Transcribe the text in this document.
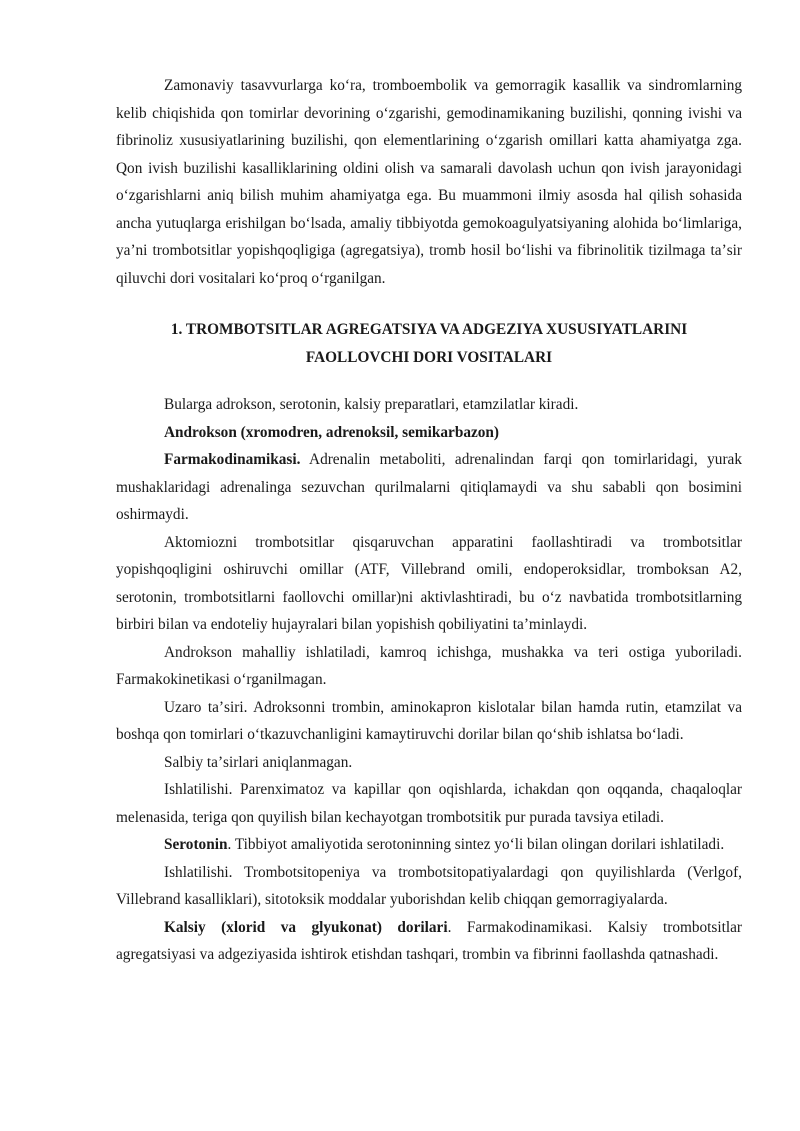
Zamonaviy tasavvurlarga koʻra, tromboembolik va gemorragik kasallik va sindromlarning kelib chiqishida qon tomirlar devorining oʻzgarishi, gemodinamikaning buzilishi, qonning ivishi va fibrinoliz xususiyatlarining buzilishi, qon elementlarining oʻzgarish omillari katta ahamiyatga zga. Qon ivish buzilishi kasalliklarining oldini olish va samarali davolash uchun qon ivish jarayonidagi oʻzgarishlarni aniq bilish muhim ahamiyatga ega. Bu muammoni ilmiy asosda hal qilish sohasida ancha yutuqlarga erishilgan boʻlsada, amaliy tibbiyotda gemokoagulyatsiyaning alohida boʻlimlariga, yaʼni trombotsitlar yopishqoqligiga (agregatsiya), tromb hosil boʻlishi va fibrinolitik tizilmaga taʼsir qiluvchi dori vositalari koʻproq oʻrganilgan.

1. TROMBOTSITLAR AGREGATSIYA VA ADGEZIYA XUSUSIYATLARINI
FAOLLOVCHI DORI VOSITALARI

Bularga adrokson, serotonin, kalsiy preparatlari, etamzilatlar kiradi.

Androkson (xromodren, adrenoksil, semikarbazon)

Farmakodinamikasi. Adrenalin metaboliti, adrenalindan farqi qon tomirlaridagi, yurak mushaklaridagi adrenalinga sezuvchan qurilmalarni qitiqlamaydi va shu sababli qon bosimini oshirmaydi.

Aktomiozni trombotsitlar qisqaruvchan apparatini faollashtiradi va trombotsitlar yopishqoqligini oshiruvchi omillar (ATF, Villebrand omili, endoperoksidlar, tromboksan A2, serotonin, trombotsitlarni faollovchi omillar)ni aktivlashtiradi, bu oʻz navbatida trombotsitlarning birbiri bilan va endoteliy hujayralari bilan yopishish qobiliyatini taʼminlaydi.

Androkson mahalliy ishlatiladi, kamroq ichishga, mushakka va teri ostiga yuboriladi. Farmakokinetikasi oʻrganilmagan.

Uzaro taʼsiri. Adroksonni trombin, aminokapron kislotalar bilan hamda rutin, etamzilat va boshqa qon tomirlari oʻtkazuvchanligini kamaytiruvchi dorilar bilan qoʻshib ishlatsa boʻladi.

Salbiy taʼsirlari aniqlanmagan.

Ishlatilishi. Parenximatoz va kapillar qon oqishlarda, ichakdan qon oqqanda, chaqaloqlar melenasida, teriga qon quyilish bilan kechayotgan trombotsitik pur purada tavsiya etiladi.

Serotonin. Tibbiyot amaliyotida serotoninning sintez yoʻli bilan olingan dorilari ishlatiladi.

Ishlatilishi. Trombotsitopeniya va trombotsitopatiyalardagi qon quyilishlarda (Verlgof, Villebrand kasalliklari), sitotoksik moddalar yuborishdan kelib chiqqan gemorragiyalarda.

Kalsiy (xlorid va glyukonat) dorilari. Farmakodinamikasi. Kalsiy trombotsitlar agregatsiyasi va adgeziyasida ishtirok etishdan tashqari, trombin va fibrinni faollashda qatnashadi.
